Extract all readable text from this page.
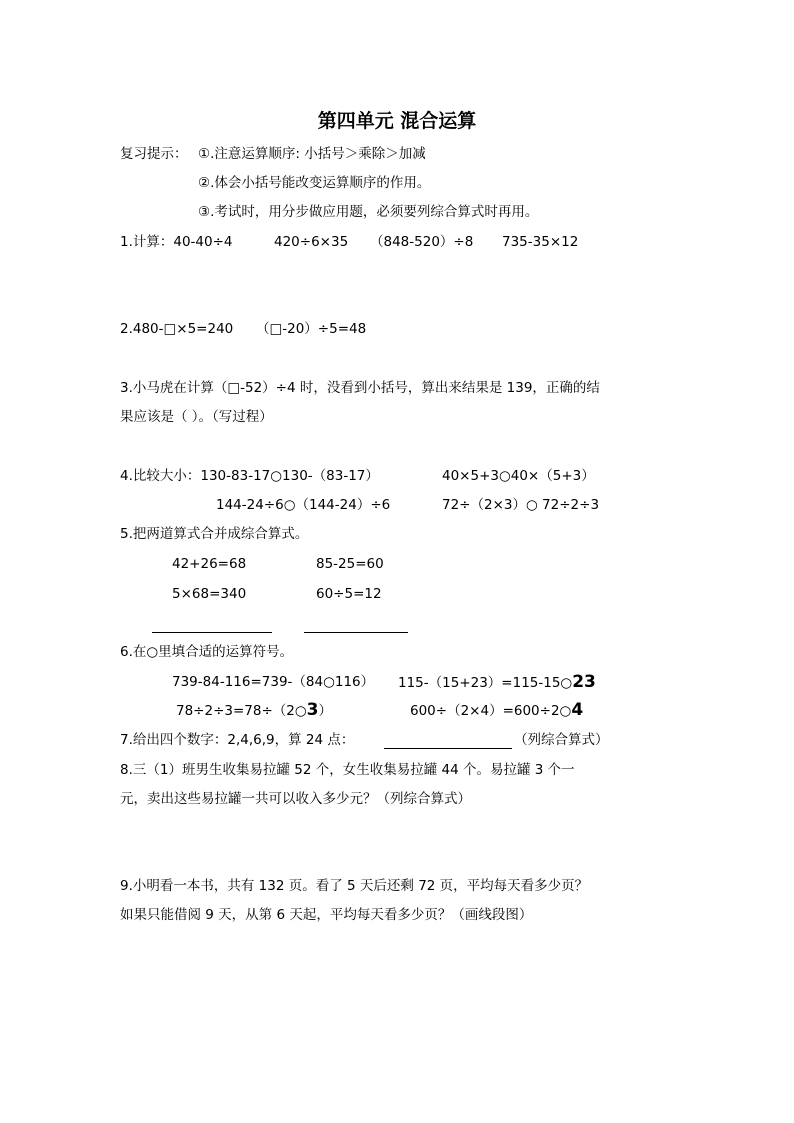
第四单元 混合运算
复习提示： ①.注意运算顺序: 小括号＞乘除＞加减
②.体会小括号能改变运算顺序的作用。
③.考试时，用分步做应用题，必须要列综合算式时再用。
1.计算：40-40÷4	420÷6×35 （848-520）÷8 735-35×12
2.480-□×5=240 （□-20）÷5=48
3.小马虎在计算（□-52）÷4 时，没看到小括号，算出来结果是 139，正确的结
果应该是（ ）。（写过程）
4.比较大小：130-83-17○130-（83-17）	40×5+3○40×（5+3）
144-24÷6○（144-24）÷6	72÷（2×3）○ 72÷2÷3
5.把两道算式合并成综合算式。
42+26=68	85-25=60
5×68=340	60÷5=12
6.在○里填合适的运算符号。
739-84-116=739-（84○116） 115-（15+23）=115-15○23
78÷2÷3=78÷（2○3）	600÷（2×4）=600÷2○4
7.给出四个数字：2,4,6,9，算 24 点：	（列综合算式）
8.三（1）班男生收集易拉罐 52 个，女生收集易拉罐 44 个。易拉罐 3 个一
元，卖出这些易拉罐一共可以收入多少元？（列综合算式）
9.小明看一本书，共有 132 页。看了 5 天后还剩 72 页，平均每天看多少页？
如果只能借阅 9 天，从第 6 天起，平均每天看多少页？（画线段图）
